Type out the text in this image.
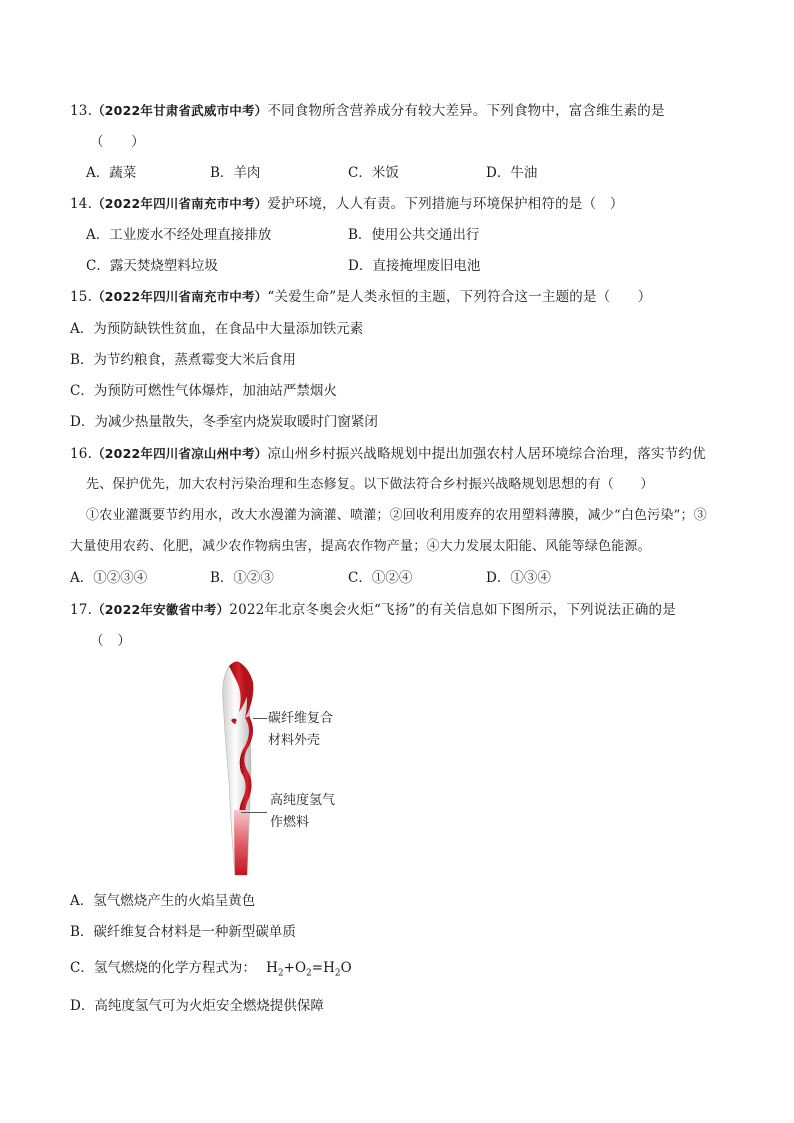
13.（2022年甘肃省武威市中考）不同食物所含营养成分有较大差异。下列食物中，富含维生素的是
（　　）
A．蔬菜	B．羊肉	C．米饭	D．牛油
14.（2022年四川省南充市中考）爱护环境，人人有责。下列措施与环境保护相符的是（　）
A．工业废水不经处理直接排放	B．使用公共交通出行
C．露天焚烧塑料垃圾	D．直接掩埋废旧电池
15.（2022年四川省南充市中考）“关爱生命”是人类永恒的主题，下列符合这一主题的是（　　）
A．为预防缺铁性贫血，在食品中大量添加铁元素
B．为节约粮食，蒸煮霉变大米后食用
C．为预防可燃性气体爆炸，加油站严禁烟火
D．为减少热量散失，冬季室内烧炭取暖时门窗紧闭
16.（2022年四川省凉山州中考）凉山州乡村振兴战略规划中提出加强农村人居环境综合治理，落实节约优
先、保护优先，加大农村污染治理和生态修复。以下做法符合乡村振兴战略规划思想的有（　　）
①农业灌溉要节约用水，改大水漫灌为滴灌、喷灌；②回收利用废弃的农用塑料薄膜，减少“白色污染”；③
大量使用农药、化肥，减少农作物病虫害，提高农作物产量；④大力发展太阳能、风能等绿色能源。
A．①②③④	B．①②③	C．①②④	D．①③④
17.（2022年安徽省中考）2022年北京冬奥会火炬“飞扬”的有关信息如下图所示，下列说法正确的是
（　）
碳纤维复合
材料外壳
高纯度氢气
作燃料
A．氢气燃烧产生的火焰呈黄色
B．碳纤维复合材料是一种新型碳单质
C．氢气燃烧的化学方程式为： $H_2+O_2=H_2O$
D．高纯度氢气可为火炬安全燃烧提供保障
